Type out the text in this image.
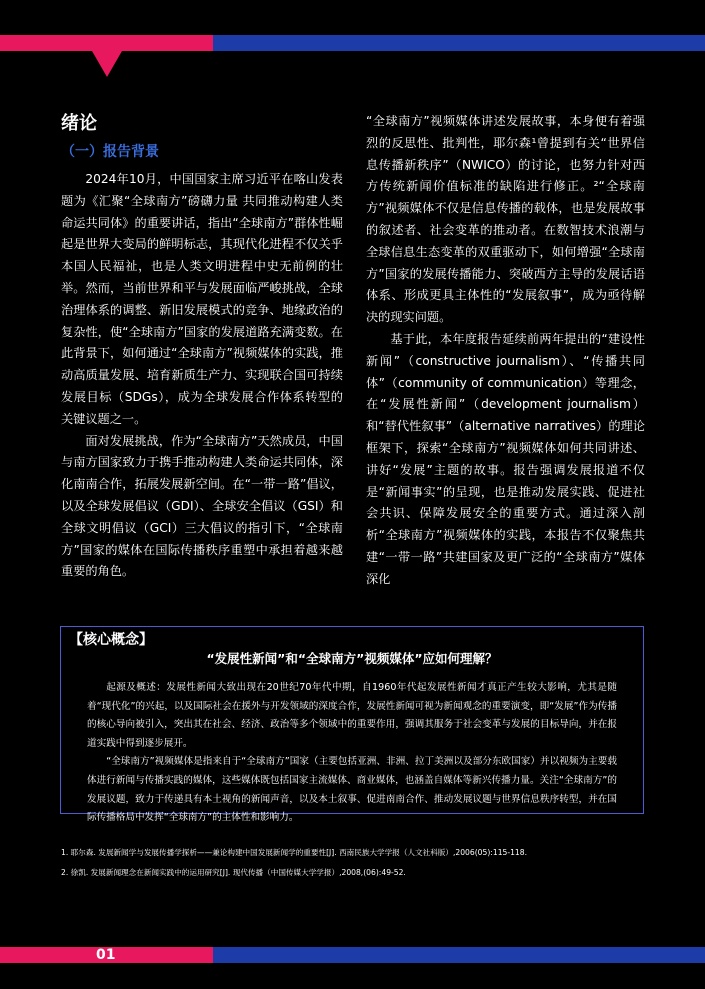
绪论
（一）报告背景

2024年10月，中国国家主席习近平在喀山发表题为《汇聚“全球南方”磅礴力量 共同推动构建人类命运共同体》的重要讲话，指出“全球南方”群体性崛起是世界大变局的鲜明标志，其现代化进程不仅关乎本国人民福祉，也是人类文明进程中史无前例的壮举。然而，当前世界和平与发展面临严峻挑战，全球治理体系的调整、新旧发展模式的竞争、地缘政治的复杂性，使“全球南方”国家的发展道路充满变数。在此背景下，如何通过“全球南方”视频媒体的实践，推动高质量发展、培育新质生产力、实现联合国可持续发展目标（SDGs），成为全球发展合作体系转型的关键议题之一。

面对发展挑战，作为“全球南方”天然成员，中国与南方国家致力于携手推动构建人类命运共同体，深化南南合作，拓展发展新空间。在“一带一路”倡议，以及全球发展倡议（GDI）、全球安全倡议（GSI）和全球文明倡议（GCI）三大倡议的指引下，“全球南方”国家的媒体在国际传播秩序重塑中承担着越来越重要的角色。

“全球南方”视频媒体讲述发展故事，本身便有着强烈的反思性、批判性，耶尔森¹曾提到有关“世界信息传播新秩序”（NWICO）的讨论，也努力针对西方传统新闻价值标准的缺陷进行修正。²“全球南方”视频媒体不仅是信息传播的载体，也是发展故事的叙述者、社会变革的推动者。在数智技术浪潮与全球信息生态变革的双重驱动下，如何增强“全球南方”国家的发展传播能力、突破西方主导的发展话语体系、形成更具主体性的“发展叙事”，成为亟待解决的现实问题。

基于此，本年度报告延续前两年提出的“建设性新闻”（constructive journalism）、“传播共同体”（community of communication）等理念，在“发展性新闻”（development journalism）和“替代性叙事”（alternative narratives）的理论框架下，探索“全球南方”视频媒体如何共同讲述、讲好“发展”主题的故事。报告强调发展报道不仅是“新闻事实”的呈现，也是推动发展实践、促进社会共识、保障发展安全的重要方式。通过深入剖析“全球南方”视频媒体的实践，本报告不仅聚焦共建“一带一路”共建国家及更广泛的“全球南方”媒体深化

【核心概念】
“发展性新闻”和“全球南方”视频媒体”应如何理解？

起源及概述：发展性新闻大致出现在20世纪70年代中期，自1960年代起发展性新闻才真正产生较大影响，尤其是随着“现代化”的兴起，以及国际社会在援外与开发领域的深度合作，发展性新闻可视为新闻观念的重要演变，即“发展”作为传播的核心导向被引入，突出其在社会、经济、政治等多个领域中的重要作用，强调其服务于社会变革与发展的目标导向，并在报道实践中得到逐步展开。

“全球南方”视频媒体是指来自于“全球南方”国家（主要包括亚洲、非洲、拉丁美洲以及部分东欧国家）并以视频为主要载体进行新闻与传播实践的媒体，这些媒体既包括国家主流媒体、商业媒体，也涵盖自媒体等新兴传播力量。关注“全球南方”的发展议题，致力于传递具有本土视角的新闻声音，以及本土叙事、促进南南合作、推动发展议题与世界信息秩序转型，并在国际传播格局中发挥“全球南方”的主体性和影响力。

1. 耶尔森. 发展新闻学与发展传播学探析——兼论构建中国发展新闻学的重要性[J]. 西南民族大学学报（人文社科版）,2006(05):115-118.
2. 徐凯. 发展新闻理念在新闻实践中的运用研究[J]. 现代传播（中国传媒大学学报）,2008,(06):49-52.
01
